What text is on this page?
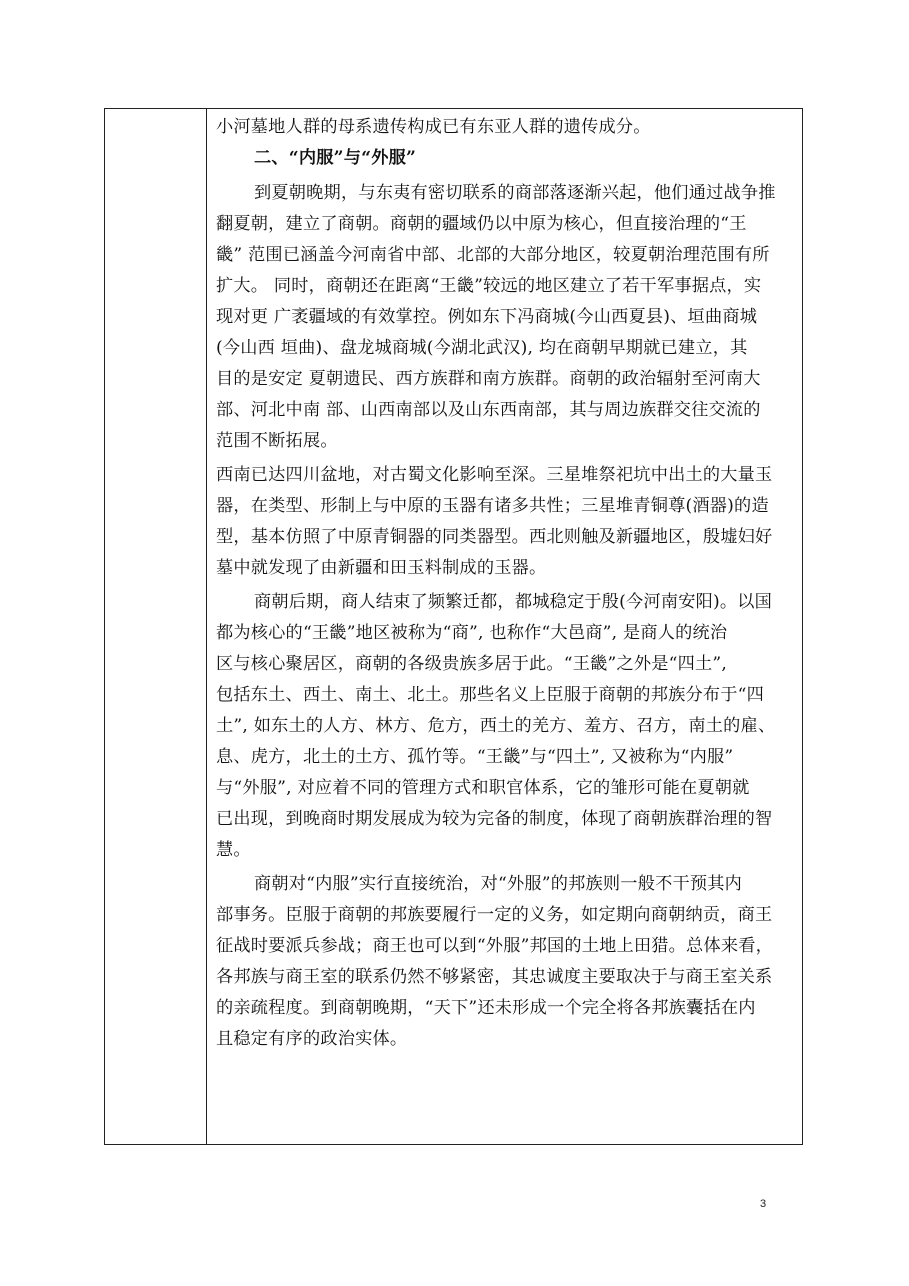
小河墓地人群的母系遗传构成已有东亚人群的遗传成分。
二、“内服”与“外服”
到夏朝晚期，与东夷有密切联系的商部落逐渐兴起，他们通过战争推
翻夏朝，建立了商朝。商朝的疆域仍以中原为核心，但直接治理的“王
畿” 范围已涵盖今河南省中部、北部的大部分地区，较夏朝治理范围有所
扩大。 同时，商朝还在距离“王畿”较远的地区建立了若干军事据点，实
现对更 广袤疆域的有效掌控。例如东下冯商城(今山西夏县)、垣曲商城
(今山西 垣曲)、盘龙城商城(今湖北武汉), 均在商朝早期就已建立，其
目的是安定 夏朝遗民、西方族群和南方族群。商朝的政治辐射至河南大
部、河北中南 部、山西南部以及山东西南部，其与周边族群交往交流的
范围不断拓展。
西南已达四川盆地，对古蜀文化影响至深。三星堆祭祀坑中出土的大量玉
器，在类型、形制上与中原的玉器有诸多共性；三星堆青铜尊(酒器)的造
型，基本仿照了中原青铜器的同类器型。西北则触及新疆地区，殷墟妇好
墓中就发现了由新疆和田玉料制成的玉器。
商朝后期，商人结束了频繁迁都，都城稳定于殷(今河南安阳)。以国
都为核心的“王畿”地区被称为“商”, 也称作“大邑商”, 是商人的统治
区与核心聚居区，商朝的各级贵族多居于此。“王畿”之外是“四土”,
包括东土、西土、南土、北土。那些名义上臣服于商朝的邦族分布于“四
土”, 如东土的人方、林方、危方，西土的羌方、羞方、召方，南土的雇、
息、虎方，北土的土方、孤竹等。“王畿”与“四土”, 又被称为“内服”
与“外服”, 对应着不同的管理方式和职官体系，它的雏形可能在夏朝就
已出现，到晚商时期发展成为较为完备的制度，体现了商朝族群治理的智
慧。
商朝对“内服”实行直接统治，对“外服”的邦族则一般不干预其内
部事务。臣服于商朝的邦族要履行一定的义务，如定期向商朝纳贡，商王
征战时要派兵参战；商王也可以到“外服”邦国的土地上田猎。总体来看，
各邦族与商王室的联系仍然不够紧密，其忠诚度主要取决于与商王室关系
的亲疏程度。到商朝晚期，“天下”还未形成一个完全将各邦族囊括在内
且稳定有序的政治实体。
3
